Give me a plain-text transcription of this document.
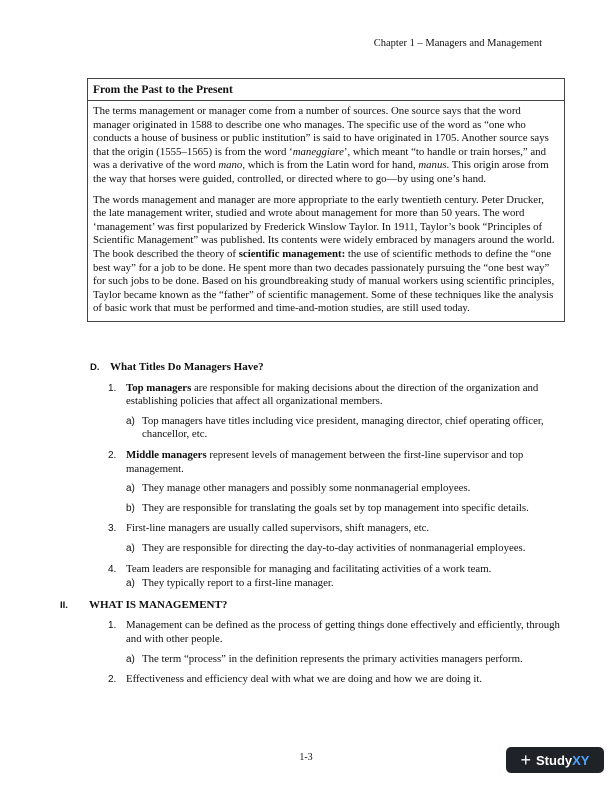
Chapter 1 – Managers and Management
From the Past to the Present

The terms management or manager come from a number of sources. One source says that the word manager originated in 1588 to describe one who manages. The specific use of the word as “one who conducts a house of business or public institution” is said to have originated in 1705. Another source says that the origin (1555–1565) is from the word ‘maneggiare’, which meant “to handle or train horses,” and was a derivative of the word mano, which is from the Latin word for hand, manus. This origin arose from the way that horses were guided, controlled, or directed where to go—by using one’s hand.

The words management and manager are more appropriate to the early twentieth century. Peter Drucker, the late management writer, studied and wrote about management for more than 50 years. The word ‘management’ was first popularized by Frederick Winslow Taylor. In 1911, Taylor’s book “Principles of Scientific Management” was published. Its contents were widely embraced by managers around the world. The book described the theory of scientific management: the use of scientific methods to define the “one best way” for a job to be done. He spent more than two decades passionately pursuing the “one best way” for such jobs to be done. Based on his groundbreaking study of manual workers using scientific principles, Taylor became known as the “father” of scientific management. Some of these techniques like the analysis of basic work that must be performed and time-and-motion studies, are still used today.

D. What Titles Do Managers Have?
1. Top managers are responsible for making decisions about the direction of the organization and establishing policies that affect all organizational members.
a) Top managers have titles including vice president, managing director, chief operating officer, chancellor, etc.
2. Middle managers represent levels of management between the first-line supervisor and top management.
a) They manage other managers and possibly some nonmanagerial employees.
b) They are responsible for translating the goals set by top management into specific details.
3. First-line managers are usually called supervisors, shift managers, etc.
a) They are responsible for directing the day-to-day activities of nonmanagerial employees.
4. Team leaders are responsible for managing and facilitating activities of a work team.
a) They typically report to a first-line manager.
II. WHAT IS MANAGEMENT?
1. Management can be defined as the process of getting things done effectively and efficiently, through and with other people.
a) The term “process” in the definition represents the primary activities managers perform.
2. Effectiveness and efficiency deal with what we are doing and how we are doing it.
1-3	+ Study XY
